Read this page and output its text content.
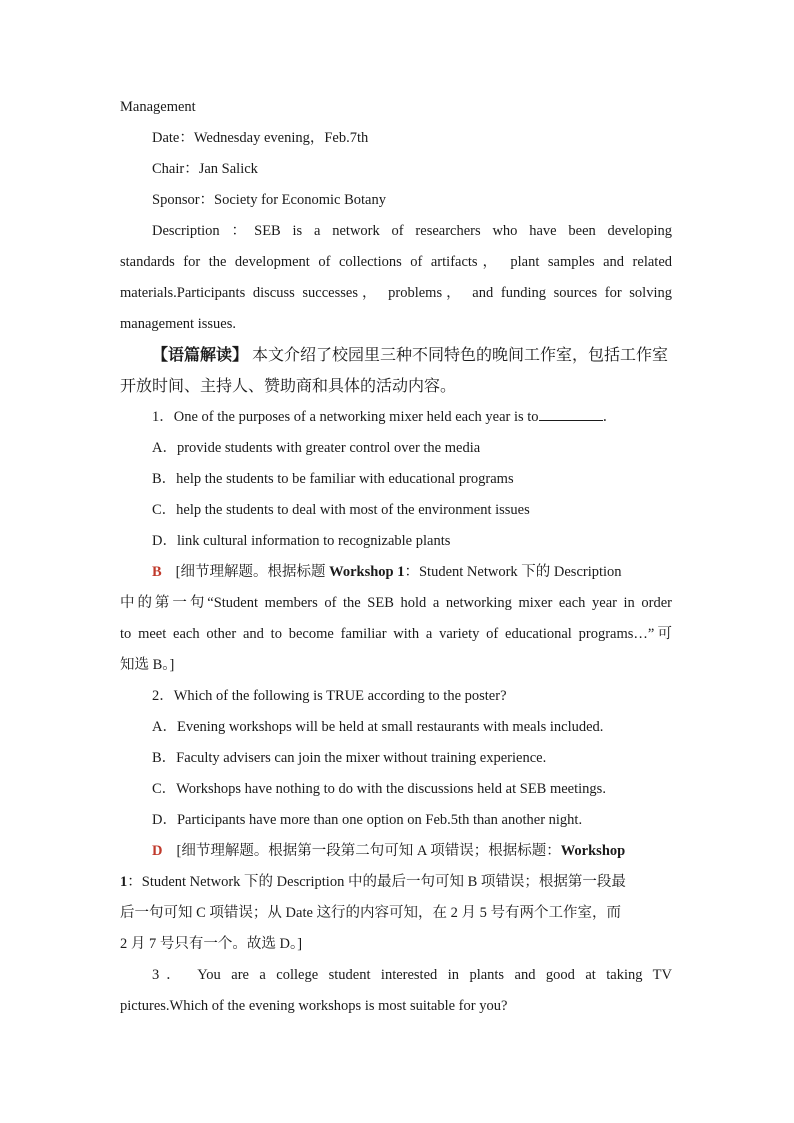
Management
Date：Wednesday evening，Feb.7th
Chair：Jan Salick
Sponsor：Society for Economic Botany
Description ：SEB is a network of researchers who have been developing
standards for the development of collections of artifacts， plant samples and related
materials.Participants discuss successes， problems， and funding sources for solving
management issues.
【语篇解读】 本文介绍了校园里三种不同特色的晚间工作室，包括工作室
开放时间、主持人、赞助商和具体的活动内容。
1．One of the purposes of a networking mixer held each year is to	．
A．provide students with greater control over the media
B．help the students to be familiar with educational programs
C．help the students to deal with most of the environment issues
D．link cultural information to recognizable plants
B [细节理解题。根据标题 Workshop 1：Student Network 下的 Description
中的第一句“Student members of the SEB hold a networking mixer each year in order
to meet each other and to become familiar with a variety of educational programs…”可
知选 B。]
2．Which of the following is TRUE according to the poster?
A．Evening workshops will be held at small restaurants with meals included.
B．Faculty advisers can join the mixer without training experience.
C．Workshops have nothing to do with the discussions held at SEB meetings.
D．Participants have more than one option on Feb.5th than another night.
D [细节理解题。根据第一段第二句可知 A 项错误；根据标题：Workshop
1：Student Network 下的 Description 中的最后一句可知 B 项错误；根据第一段最
后一句可知 C 项错误；从 Date 这行的内容可知，在 2 月 5 号有两个工作室，而
2 月 7 号只有一个。故选 D。]
3． You are a college student interested in plants and good at taking TV
pictures.Which of the evening workshops is most suitable for you?
